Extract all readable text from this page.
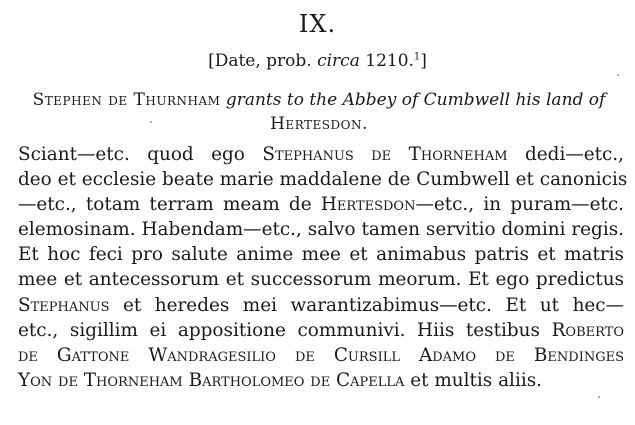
IX.
[Date, prob. circa 1210.$^1$]
Stephen de Thurnham grants to the Abbey of Cumbwell his land of
Hertesdon.
Sciant—etc. quod ego Stephanus de Thorneham dedi—etc.,
deo et ecclesie beate marie maddalene de Cumbwell et canonicis
—etc., totam terram meam de Hertesdon—etc., in puram—etc.
elemosinam. Habendam—etc., salvo tamen servitio domini regis.
Et hoc feci pro salute anime mee et animabus patris et matris
mee et antecessorum et successorum meorum. Et ego predictus
Stephanus et heredes mei warantizabimus—etc. Et ut hec—
etc., sigillim ei appositione communivi. Hiis testibus Roberto
de Gattone Wandragesilio de Cursill Adamo de Bendinges
Yon de Thorneham Bartholomeo de Capella et multis aliis.
